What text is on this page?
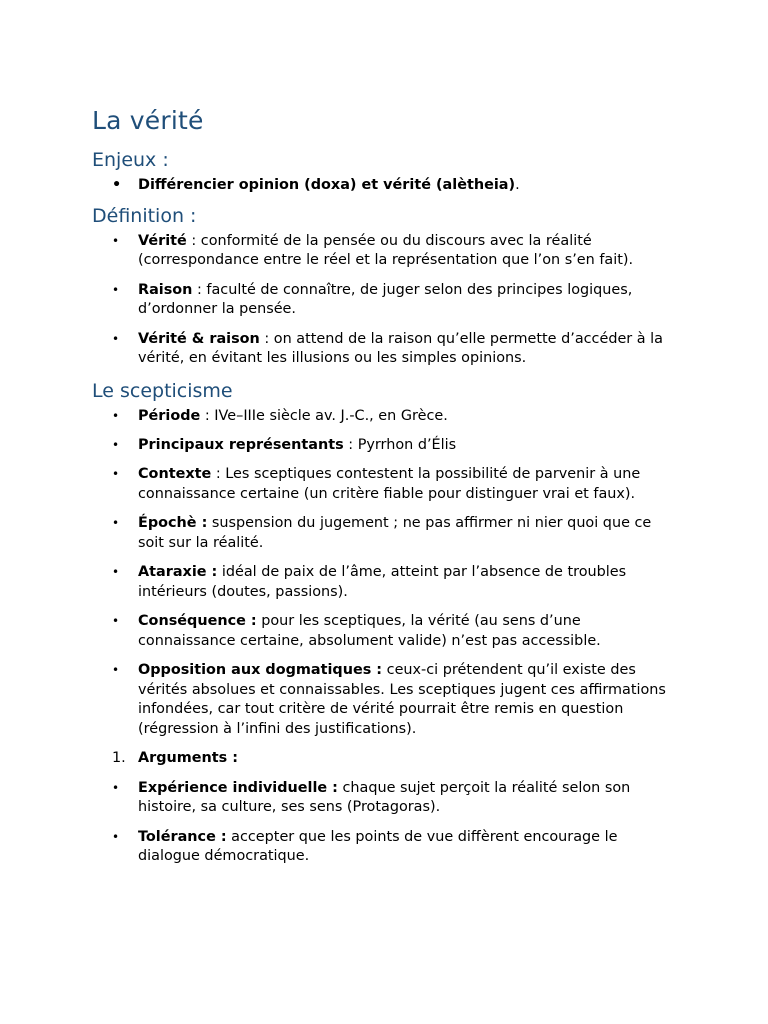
La vérité
Enjeux :
•	Différencier opinion (doxa) et vérité (alètheia).
Définition :
•	Vérité : conformité de la pensée ou du discours avec la réalité (correspondance entre le réel et la représentation que l’on s’en fait).
•	Raison : faculté de connaître, de juger selon des principes logiques, d’ordonner la pensée.
•	Vérité & raison : on attend de la raison qu’elle permette d’accéder à la vérité, en évitant les illusions ou les simples opinions.
Le scepticisme
•	Période : IVe–IIIe siècle av. J.-C., en Grèce.
•	Principaux représentants : Pyrrhon d’Élis
•	Contexte : Les sceptiques contestent la possibilité de parvenir à une connaissance certaine (un critère fiable pour distinguer vrai et faux).
•	Épochè : suspension du jugement ; ne pas affirmer ni nier quoi que ce soit sur la réalité.
•	Ataraxie : idéal de paix de l’âme, atteint par l’absence de troubles intérieurs (doutes, passions).
•	Conséquence : pour les sceptiques, la vérité (au sens d’une connaissance certaine, absolument valide) n’est pas accessible.
•	Opposition aux dogmatiques : ceux-ci prétendent qu’il existe des vérités absolues et connaissables. Les sceptiques jugent ces affirmations infondées, car tout critère de vérité pourrait être remis en question (régression à l’infini des justifications).
1. Arguments :
•	Expérience individuelle : chaque sujet perçoit la réalité selon son histoire, sa culture, ses sens (Protagoras).
•	Tolérance : accepter que les points de vue diffèrent encourage le dialogue démocratique.
